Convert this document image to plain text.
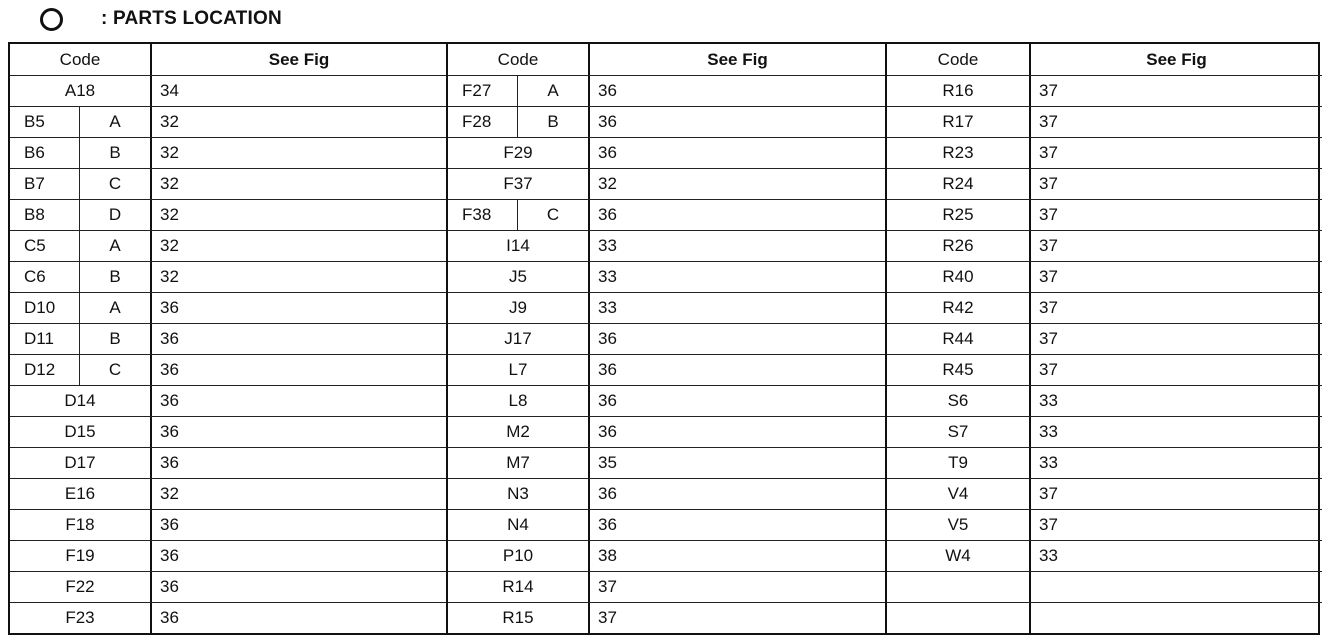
: PARTS LOCATION
Code	See Fig
A18	34
B5	A	32
B6	B	32
B7	C	32
B8	D	32
C5	A	32
C6	B	32
D10	A	36
D11	B	36
D12	C	36
D14	36
D15	36
D17	36
E16	32
F18	36
F19	36
F22	36
F23	36
Code	See Fig
F27	A	36
F28	B	36
F29	36
F37	32
F38	C	36
I14	33
J5	33
J9	33
J17	36
L7	36
L8	36
M2	36
M7	35
N3	36
N4	36
P10	38
R14	37
R15	37
Code	See Fig
R16	37
R17	37
R23	37
R24	37
R25	37
R26	37
R40	37
R42	37
R44	37
R45	37
S6	33
S7	33
T9	33
V4	37
V5	37
W4	33
